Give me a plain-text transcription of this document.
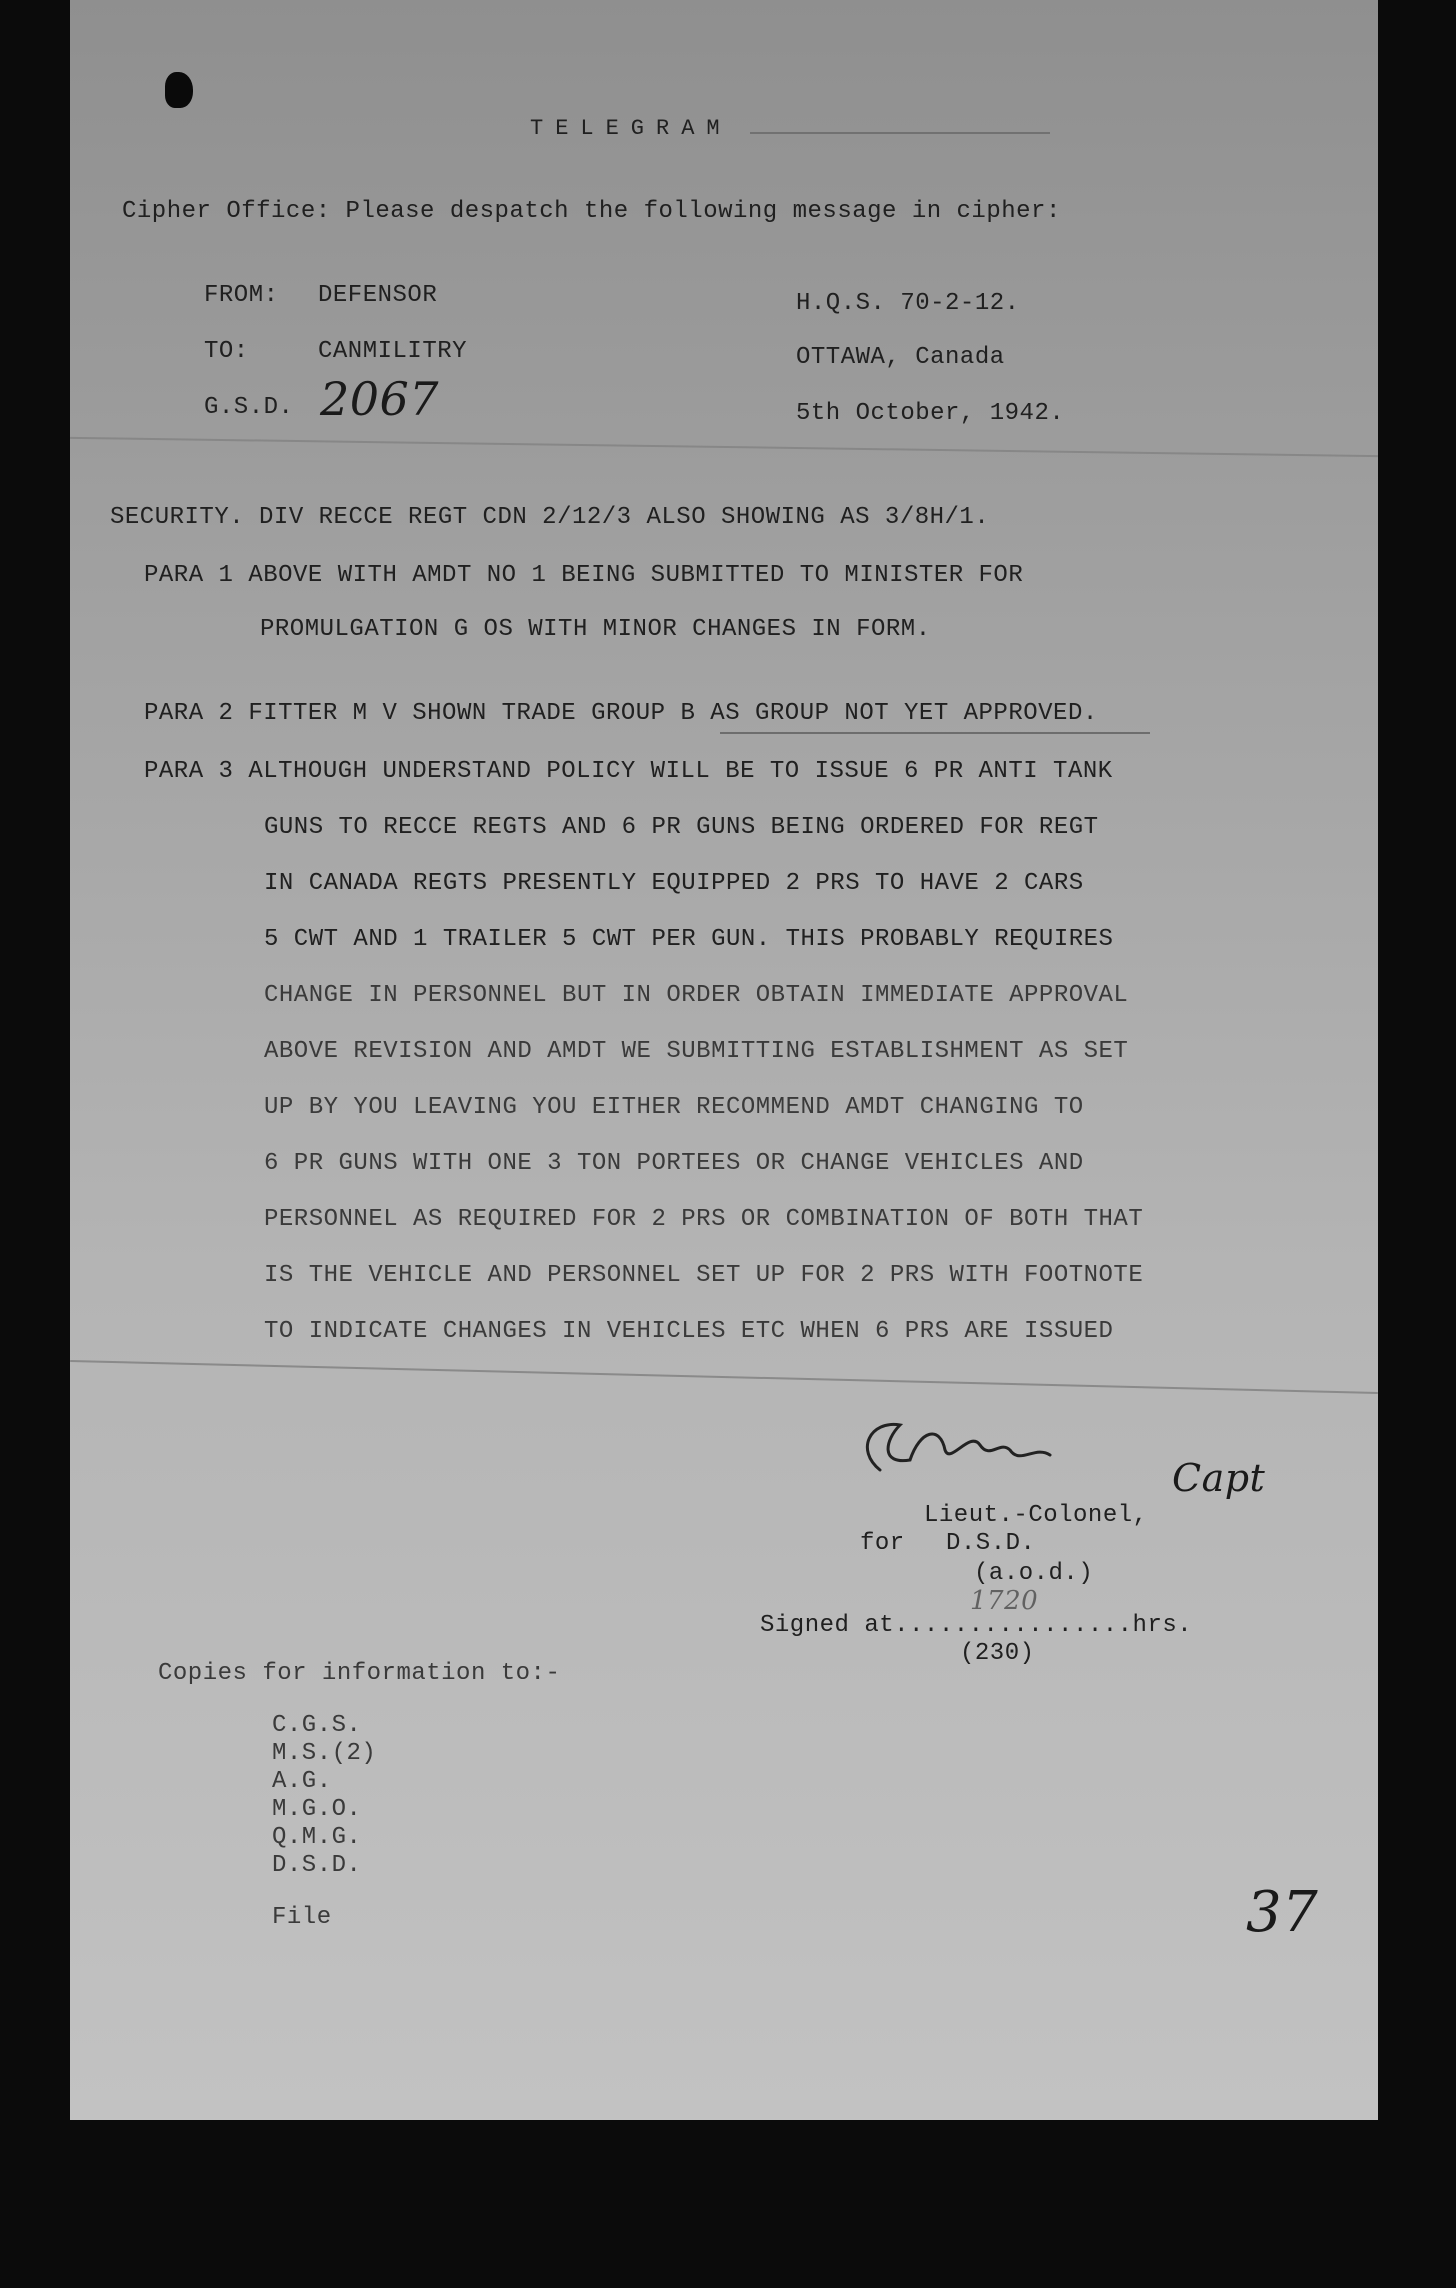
TELEGRAM
Cipher Office: Please despatch the following message in cipher:
FROM: DEFENSOR
TO:	CANMILITRY
G.S.D. 2067
H.Q.S. 70-2-12.
OTTAWA, Canada
5th October, 1942.
SECURITY. DIV RECCE REGT CDN 2/12/3 ALSO SHOWING AS 3/8H/1.
PARA 1 ABOVE WITH AMDT NO 1 BEING SUBMITTED TO MINISTER FOR
PROMULGATION G OS WITH MINOR CHANGES IN FORM.
PARA 2 FITTER M V SHOWN TRADE GROUP B AS GROUP NOT YET APPROVED.
PARA 3 ALTHOUGH UNDERSTAND POLICY WILL BE TO ISSUE 6 PR ANTI TANK
GUNS TO RECCE REGTS AND 6 PR GUNS BEING ORDERED FOR REGT
IN CANADA REGTS PRESENTLY EQUIPPED 2 PRS TO HAVE 2 CARS
5 CWT AND 1 TRAILER 5 CWT PER GUN. THIS PROBABLY REQUIRES
CHANGE IN PERSONNEL BUT IN ORDER OBTAIN IMMEDIATE APPROVAL
ABOVE REVISION AND AMDT WE SUBMITTING ESTABLISHMENT AS SET
UP BY YOU LEAVING YOU EITHER RECOMMEND AMDT CHANGING TO
6 PR GUNS WITH ONE 3 TON PORTEES OR CHANGE VEHICLES AND
PERSONNEL AS REQUIRED FOR 2 PRS OR COMBINATION OF BOTH THAT
IS THE VEHICLE AND PERSONNEL SET UP FOR 2 PRS WITH FOOTNOTE
TO INDICATE CHANGES IN VEHICLES ETC WHEN 6 PRS ARE ISSUED
Capt
Lieut.-Colonel,
for D.S.D.
(a.o.d.)
Signed at................hrs.
1720
(230)
Copies for information to:-
C.G.S.
M.S.(2)
A.G.
M.G.O.
Q.M.G.
D.S.D.
File	37
